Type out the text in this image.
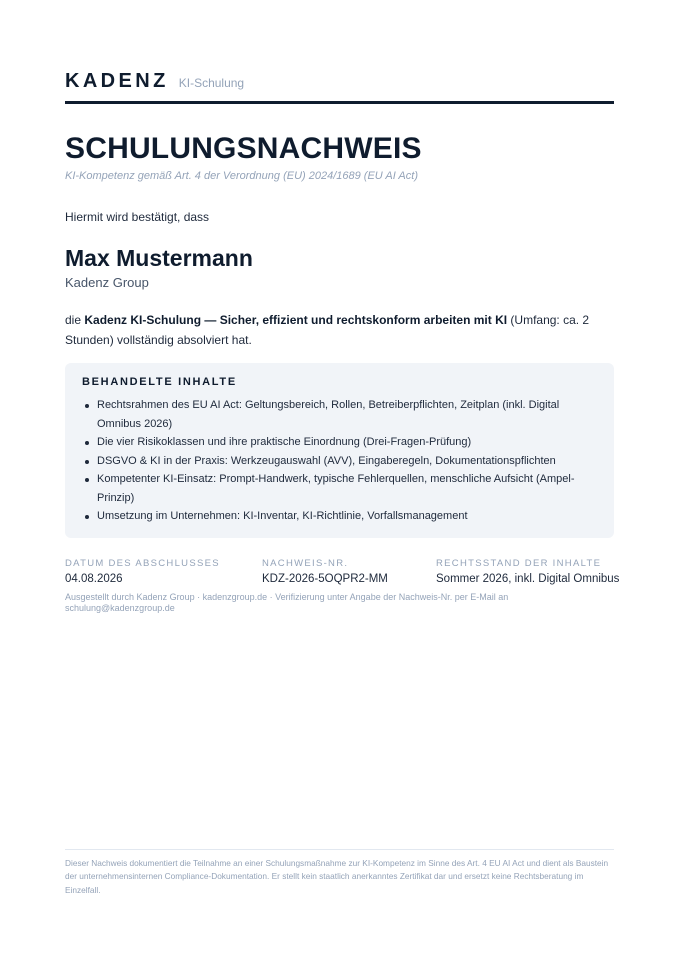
KADENZ KI-Schulung
SCHULUNGSNACHWEIS
KI-Kompetenz gemäß Art. 4 der Verordnung (EU) 2024/1689 (EU AI Act)

Hiermit wird bestätigt, dass

Max Mustermann
Kadenz Group

die Kadenz KI-Schulung — Sicher, effizient und rechtskonform arbeiten mit KI (Umfang: ca. 2 Stunden) vollständig absolviert hat.

BEHANDELTE INHALTE
Rechtsrahmen des EU AI Act: Geltungsbereich, Rollen, Betreiberpflichten, Zeitplan (inkl. Digital Omnibus 2026)
Die vier Risikoklassen und ihre praktische Einordnung (Drei-Fragen-Prüfung)
DSGVO & KI in der Praxis: Werkzeugauswahl (AVV), Eingaberegeln, Dokumentationspflichten
Kompetenter KI-Einsatz: Prompt-Handwerk, typische Fehlerquellen, menschliche Aufsicht (Ampel-Prinzip)
Umsetzung im Unternehmen: KI-Inventar, KI-Richtlinie, Vorfallsmanagement
DATUM DES ABSCHLUSSES
04.08.2026
NACHWEIS-NR.
KDZ-2026-5OQPR2-MM
RECHTSSTAND DER INHALTE
Sommer 2026, inkl. Digital Omnibus

Ausgestellt durch Kadenz Group · kadenzgroup.de · Verifizierung unter Angabe der Nachweis-Nr. per E-Mail an schulung@kadenzgroup.de

Dieser Nachweis dokumentiert die Teilnahme an einer Schulungsmaßnahme zur KI-Kompetenz im Sinne des Art. 4 EU AI Act und dient als Baustein der unternehmensinternen Compliance-Dokumentation. Er stellt kein staatlich anerkanntes Zertifikat dar und ersetzt keine Rechtsberatung im Einzelfall.
